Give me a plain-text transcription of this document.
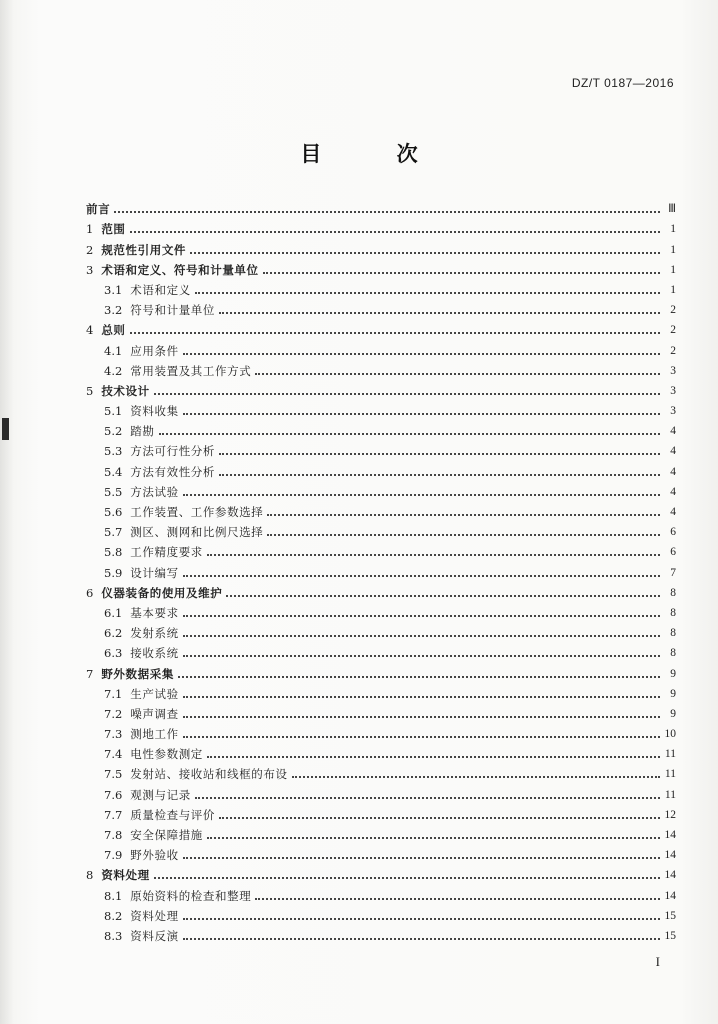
DZ/T 0187—2016
目 次
前言	Ⅲ
1 范围	1
2 规范性引用文件	1
3 术语和定义、符号和计量单位	1
3.1 术语和定义	1
3.2 符号和计量单位	2
4 总则	2
4.1 应用条件	2
4.2 常用装置及其工作方式	3
5 技术设计	3
5.1 资料收集	3
5.2 踏勘	4
5.3 方法可行性分析	4
5.4 方法有效性分析	4
5.5 方法试验	4
5.6 工作装置、工作参数选择	4
5.7 测区、测网和比例尺选择	6
5.8 工作精度要求	6
5.9 设计编写	7
6 仪器装备的使用及维护	8
6.1 基本要求	8
6.2 发射系统	8
6.3 接收系统	8
7 野外数据采集	9
7.1 生产试验	9
7.2 噪声调查	9
7.3 测地工作	10
7.4 电性参数测定	11
7.5 发射站、接收站和线框的布设	11
7.6 观测与记录	11
7.7 质量检查与评价	12
7.8 安全保障措施	14
7.9 野外验收	14
8 资料处理	14
8.1 原始资料的检查和整理	14
8.2 资料处理	15
8.3 资料反演	15
I
